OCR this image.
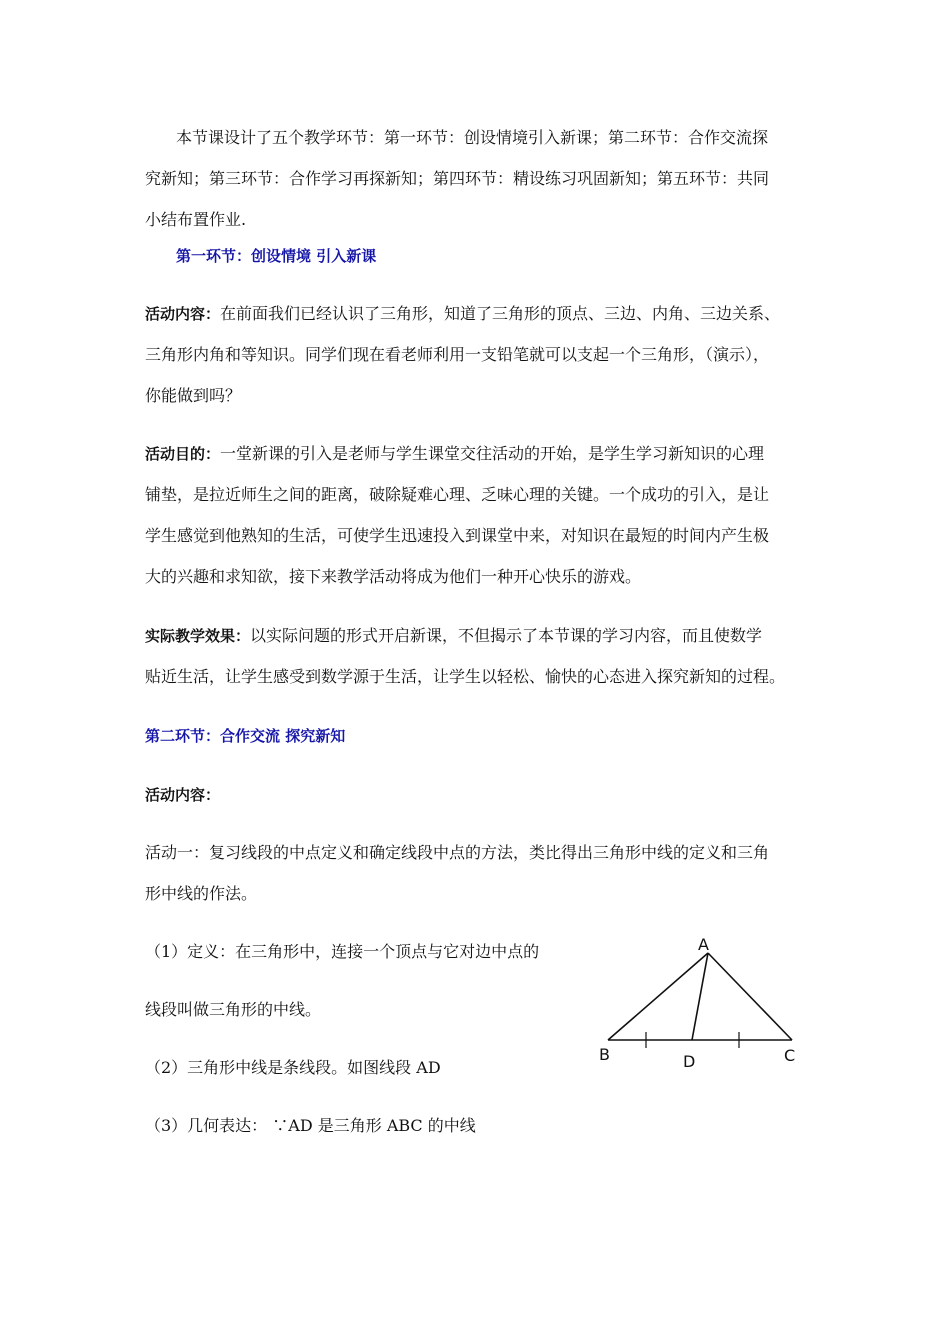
本节课设计了五个教学环节：第一环节：创设情境引入新课；第二环节：合作交流探
究新知；第三环节：合作学习再探新知；第四环节：精设练习巩固新知；第五环节：共同
小结布置作业.
第一环节：创设情境 引入新课
活动内容：在前面我们已经认识了三角形，知道了三角形的顶点、三边、内角、三边关系、
三角形内角和等知识。同学们现在看老师利用一支铅笔就可以支起一个三角形，（演示），
你能做到吗？
活动目的：一堂新课的引入是老师与学生课堂交往活动的开始，是学生学习新知识的心理
铺垫，是拉近师生之间的距离，破除疑难心理、乏味心理的关键。一个成功的引入，是让
学生感觉到他熟知的生活，可使学生迅速投入到课堂中来，对知识在最短的时间内产生极
大的兴趣和求知欲，接下来教学活动将成为他们一种开心快乐的游戏。
实际教学效果：以实际问题的形式开启新课，不但揭示了本节课的学习内容，而且使数学
贴近生活，让学生感受到数学源于生活，让学生以轻松、愉快的心态进入探究新知的过程。
第二环节：合作交流 探究新知
活动内容：
活动一：复习线段的中点定义和确定线段中点的方法，类比得出三角形中线的定义和三角
形中线的作法。
（1）定义：在三角形中，连接一个顶点与它对边中点的
线段叫做三角形的中线。
（2）三角形中线是条线段。如图线段 AD
（3）几何表达： ∵AD 是三角形 ABC 的中线
A
B	C
D
